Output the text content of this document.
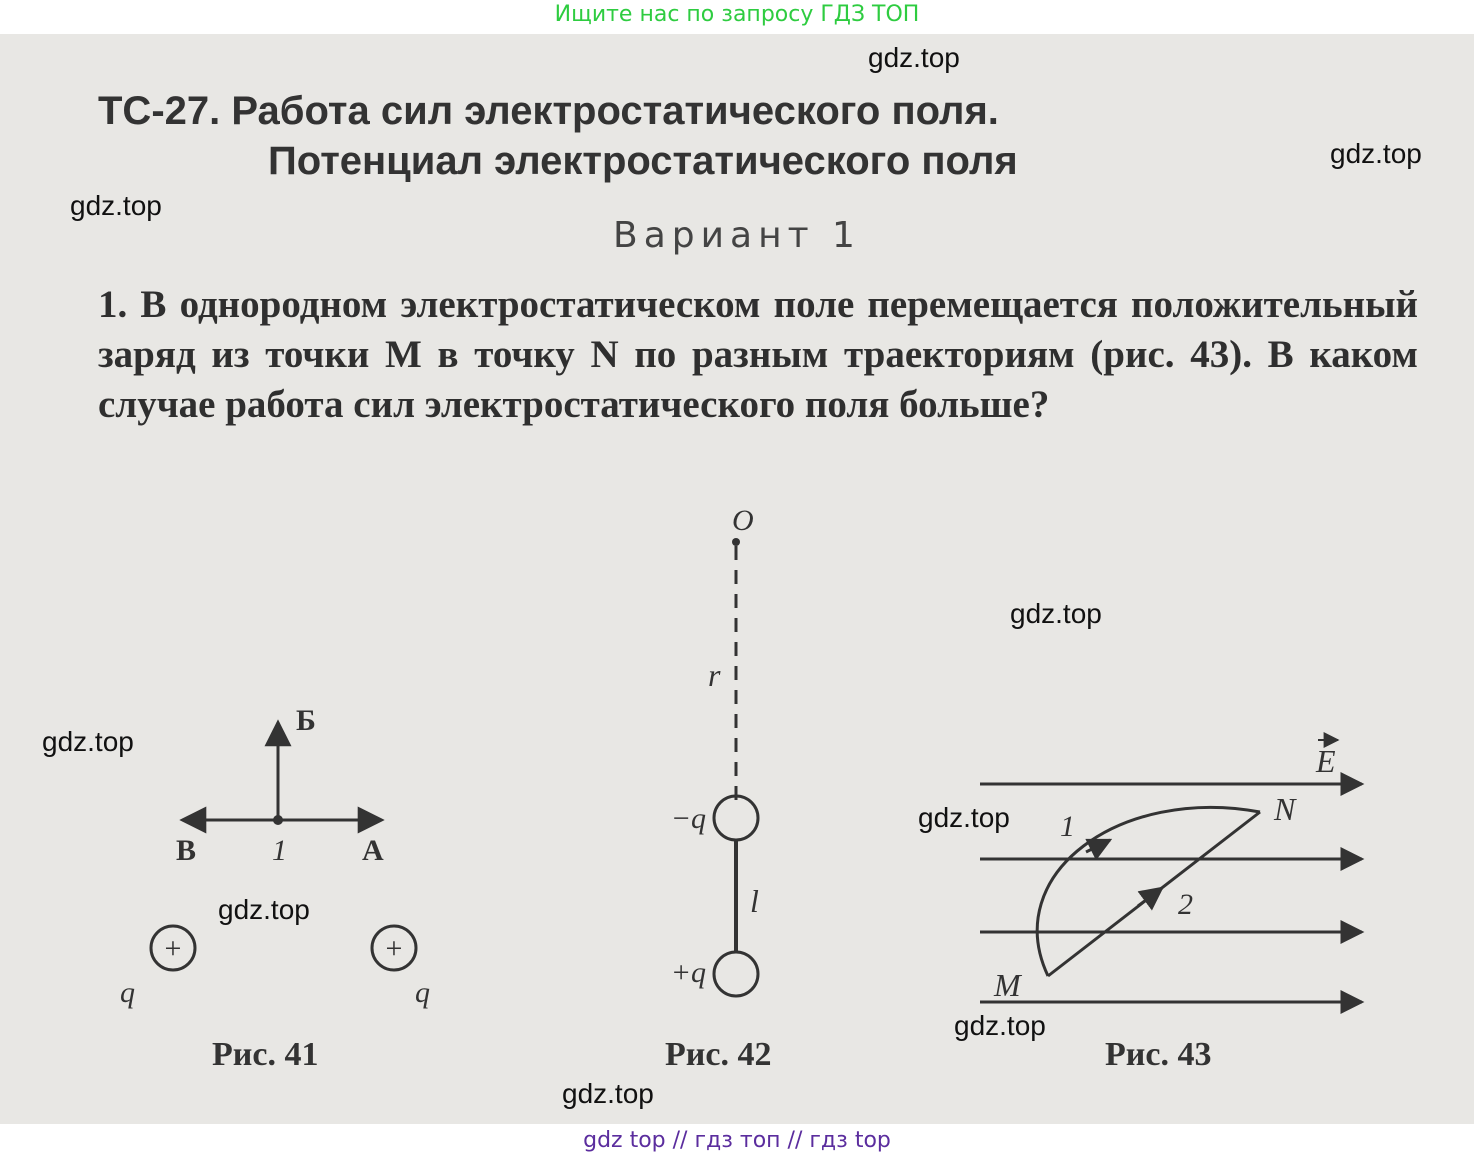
Ищите нас по запросу ГДЗ ТОП
ТС-27. Работа сил электростатического поля.
Потенциал электростатического поля
Вариант 1
1. В однородном электростатическом поле перемещается положительный заряд из точки M в точку N по разным траекториям (рис. 43). В каком случае работа сил электростатического поля больше?
Б
В	1	А
+	+
q	q
Рис. 41
O
r
−q
l
+q
Рис. 42
E
N
1
2
M
Рис. 43
gdz.top
gdz.top
gdz.top
gdz.top
gdz.top
gdz.top
gdz.top
gdz.top
gdz.top
gdz top // гдз топ // гдз top
